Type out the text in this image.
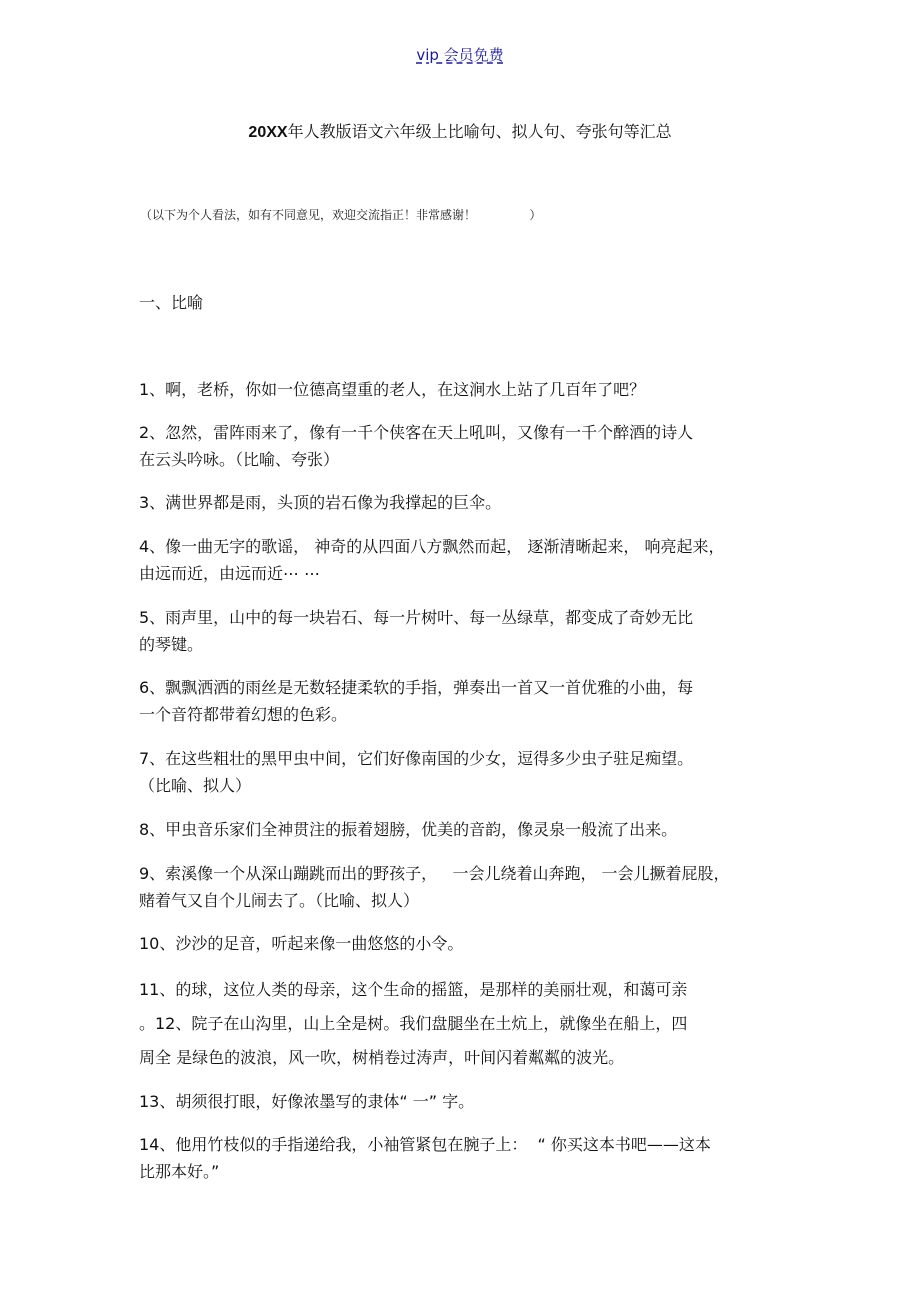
vip 会员免费
20XX年人教版语文六年级上比喻句、拟人句、夸张句等汇总
（以下为个人看法，如有不同意见，欢迎交流指正！非常感谢！              ）
一、比喻

1、啊，老桥，你如一位德高望重的老人，在这涧水上站了几百年了吧？

2、忽然，雷阵雨来了，像有一千个侠客在天上吼叫，又像有一千个醉酒的诗人
在云头吟咏。（比喻、夸张）

3、满世界都是雨，头顶的岩石像为我撑起的巨伞。

4、像一曲无字的歌谣， 神奇的从四面八方飘然而起， 逐渐清晰起来， 响亮起来，
由远而近，由远而近⋯ ⋯

5、雨声里，山中的每一块岩石、每一片树叶、每一丛绿草，都变成了奇妙无比
的琴键。

6、飘飘洒洒的雨丝是无数轻捷柔软的手指，弹奏出一首又一首优雅的小曲，每
一个音符都带着幻想的色彩。

7、在这些粗壮的黑甲虫中间，它们好像南国的少女，逗得多少虫子驻足痴望。
（比喻、拟人）

8、甲虫音乐家们全神贯注的振着翅膀，优美的音韵，像灵泉一般流了出来。

9、索溪像一个从深山蹦跳而出的野孩子，   一会儿绕着山奔跑， 一会儿撅着屁股，
赌着气又自个儿闹去了。（比喻、拟人）

10、沙沙的足音，听起来像一曲悠悠的小令。

11、的球，这位人类的母亲，这个生命的摇篮，是那样的美丽壮观，和蔼可亲
。12、院子在山沟里，山上全是树。我们盘腿坐在土炕上，就像坐在船上，四
周全 是绿色的波浪，风一吹，树梢卷过涛声，叶间闪着粼粼的波光。

13、胡须很打眼，好像浓墨写的隶体“ 一” 字。

14、他用竹枝似的手指递给我，小袖管紧包在腕子上：  “ 你买这本书吧——这本
比那本好。”
